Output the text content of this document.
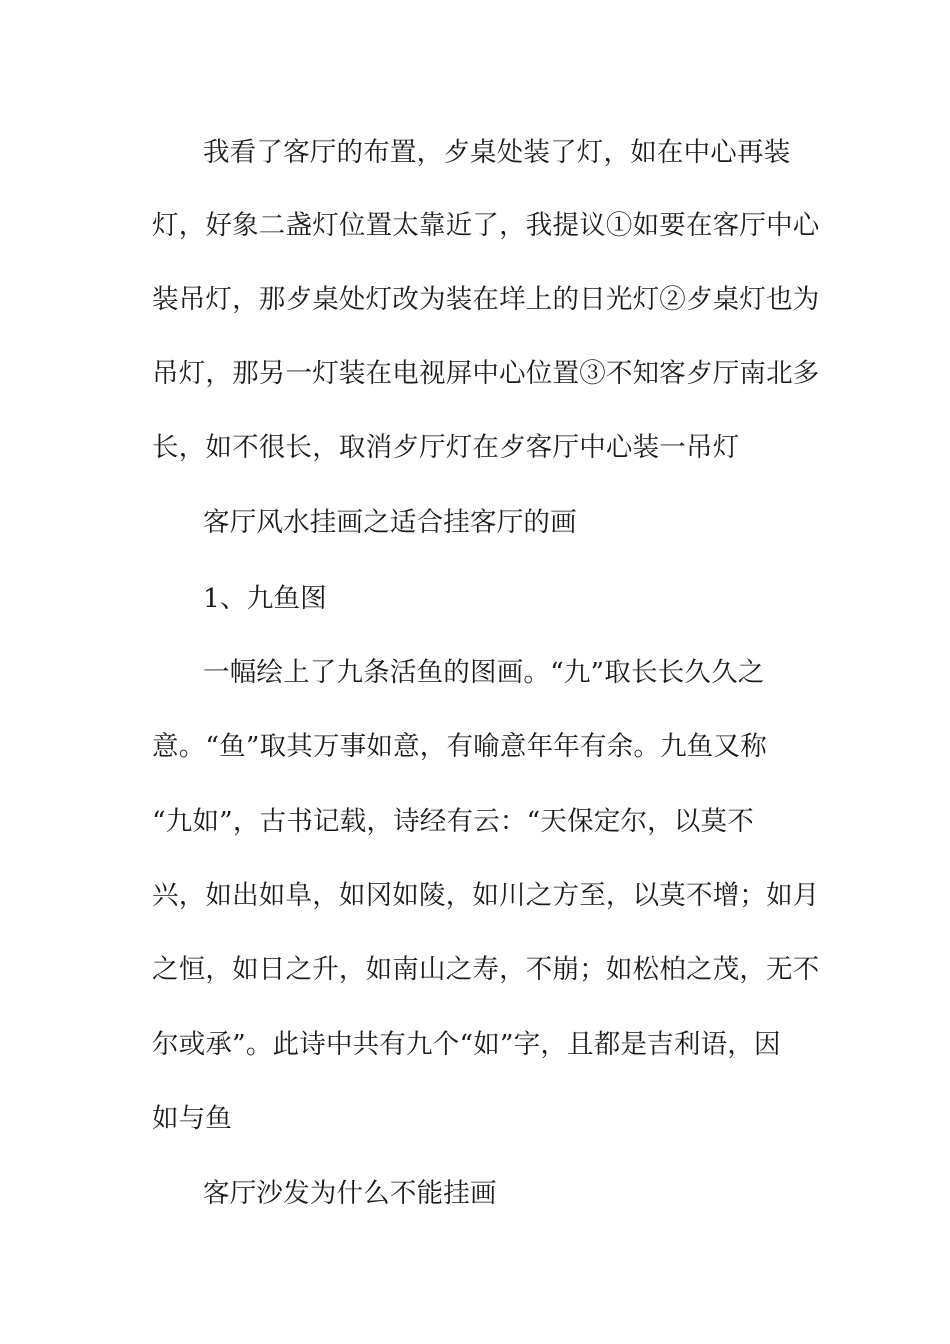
我看了客厅的布置，歺桌处装了灯，如在中心再装
灯，好象二盏灯位置太靠近了，我提议①如要在客厅中心
装吊灯，那歺桌处灯改为装在垟上的日光灯②歺桌灯也为
吊灯，那另一灯装在电视屏中心位置③不知客歺厅南北多
长，如不很长，取消歺厅灯在歺客厅中心装一吊灯
客厅风水挂画之适合挂客厅的画
1、九鱼图
一幅绘上了九条活鱼的图画。“九”取长长久久之
意。“鱼”取其万事如意，有喻意年年有余。九鱼又称
“九如”，古书记载，诗经有云：“天保定尔，以莫不
兴，如出如阜，如冈如陵，如川之方至，以莫不增；如月
之恒，如日之升，如南山之寿，不崩；如松柏之茂，无不
尔或承”。此诗中共有九个“如”字，且都是吉利语，因
如与鱼
客厅沙发为什么不能挂画
